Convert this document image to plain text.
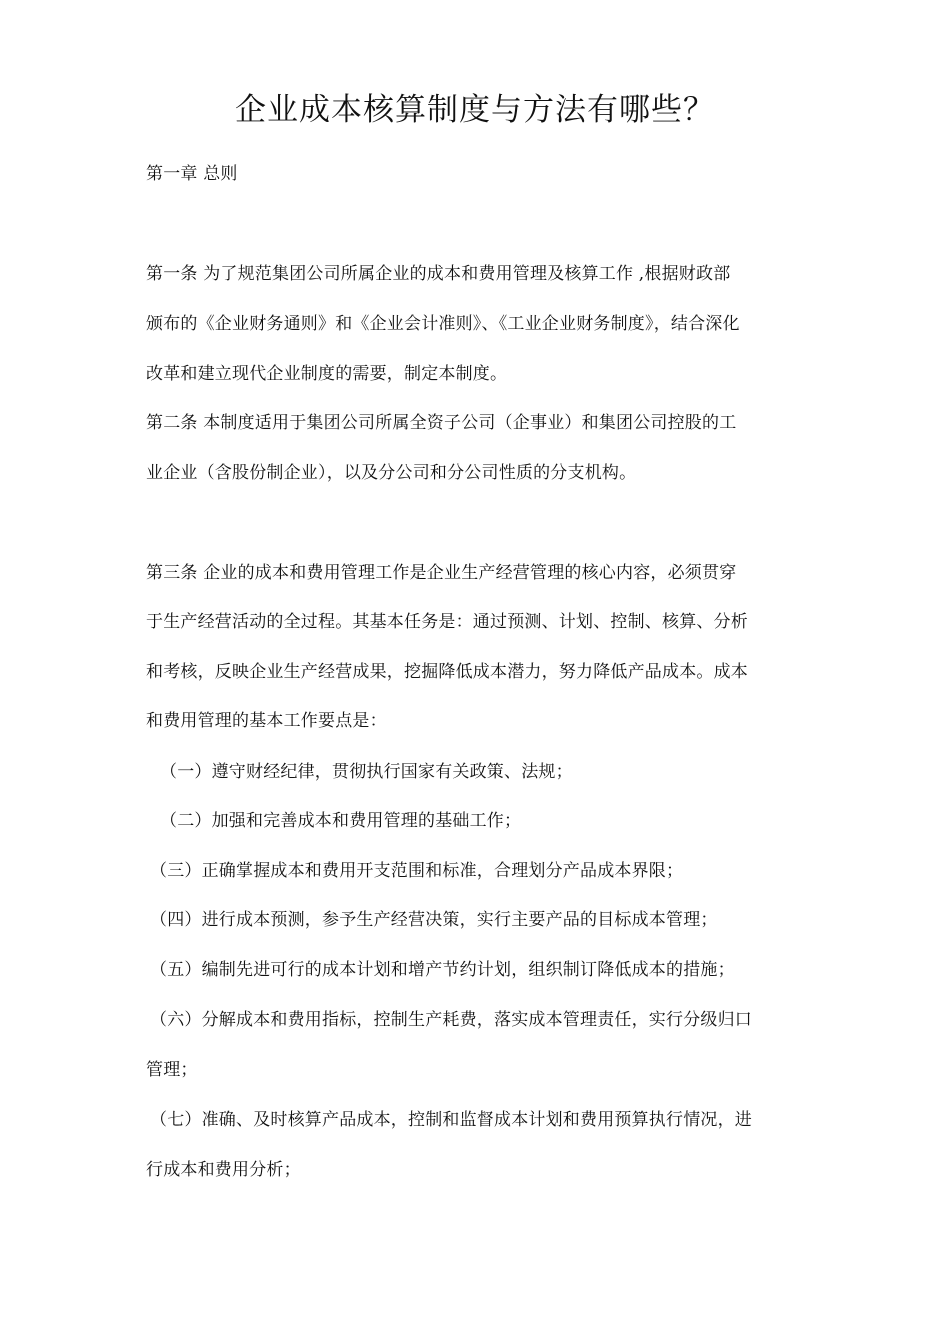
企业成本核算制度与方法有哪些？
第一章 总则
第一条 为了规范集团公司所属企业的成本和费用管理及核算工作 ,根据财政部
颁布的《企业财务通则》和《企业会计准则》、《工业企业财务制度》，结合深化
改革和建立现代企业制度的需要，制定本制度。
第二条 本制度适用于集团公司所属全资子公司（企事业）和集团公司控股的工
业企业（含股份制企业），以及分公司和分公司性质的分支机构。
第三条 企业的成本和费用管理工作是企业生产经营管理的核心内容，必须贯穿
于生产经营活动的全过程。其基本任务是：通过预测、计划、控制、核算、分析
和考核，反映企业生产经营成果，挖掘降低成本潜力，努力降低产品成本。成本
和费用管理的基本工作要点是：
（一）遵守财经纪律，贯彻执行国家有关政策、法规；
（二）加强和完善成本和费用管理的基础工作；
（三）正确掌握成本和费用开支范围和标准，合理划分产品成本界限；
（四）进行成本预测，参予生产经营决策，实行主要产品的目标成本管理；
（五）编制先进可行的成本计划和增产节约计划，组织制订降低成本的措施；
（六）分解成本和费用指标，控制生产耗费，落实成本管理责任，实行分级归口
管理；
（七）准确、及时核算产品成本，控制和监督成本计划和费用预算执行情况，进
行成本和费用分析；
